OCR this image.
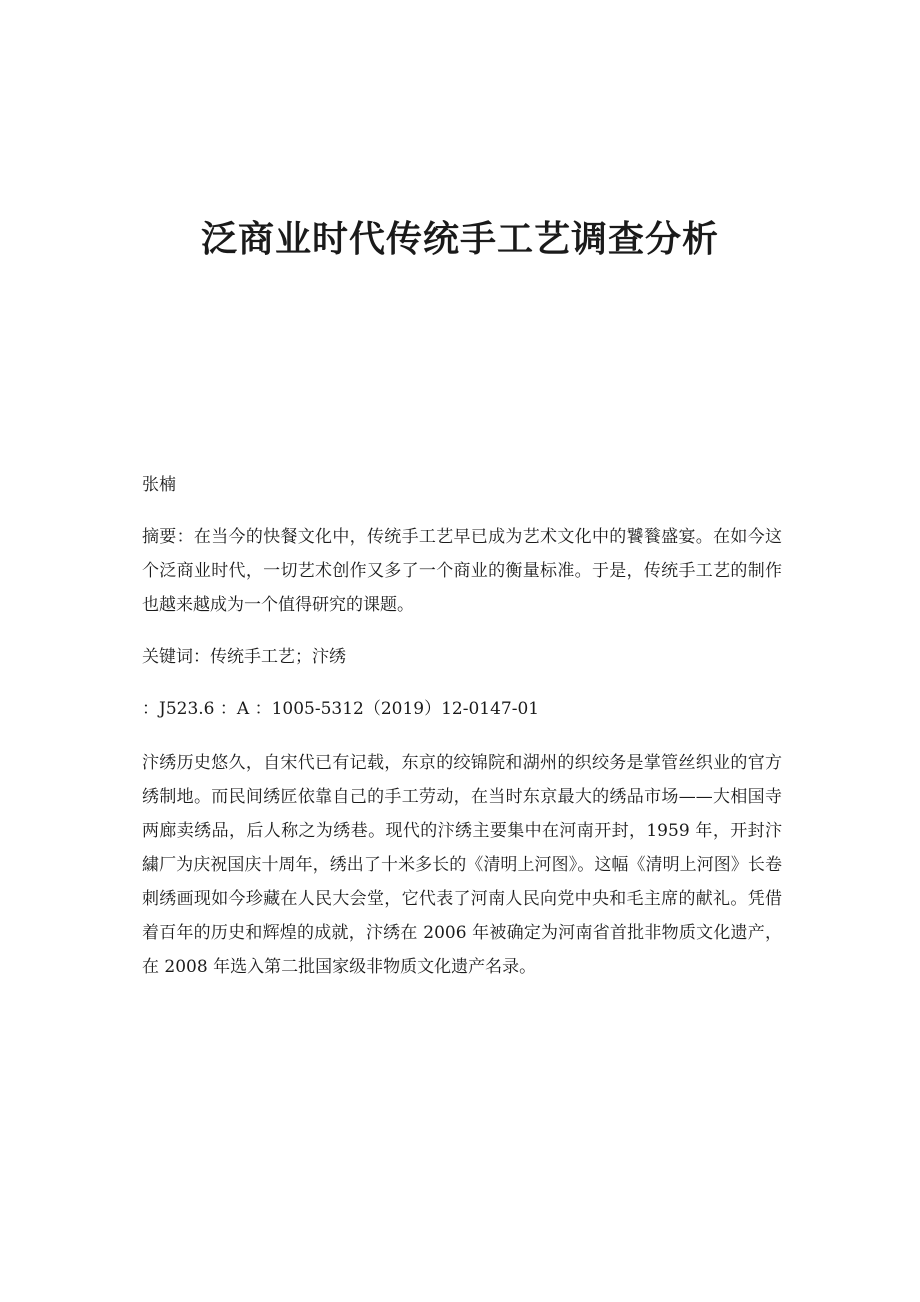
泛商业时代传统手工艺调查分析

张楠

摘要：在当今的快餐文化中，传统手工艺早已成为艺术文化中的饕餮盛宴。在如今这个泛商业时代，一切艺术创作又多了一个商业的衡量标准。于是，传统手工艺的制作也越来越成为一个值得研究的课题。

关键词：传统手工艺；汴绣

：J523.6 ：A ：1005-5312（2019）12-0147-01

汴绣历史悠久，自宋代已有记载，东京的绞锦院和湖州的织绞务是掌管丝织业的官方绣制地。而民间绣匠依靠自己的手工劳动，在当时东京最大的绣品市场——大相国寺两廊卖绣品，后人称之为绣巷。现代的汴绣主要集中在河南开封，1959 年，开封汴繍厂为庆祝国庆十周年，绣出了十米多长的《清明上河图》。这幅《清明上河图》长卷刺绣画现如今珍藏在人民大会堂，它代表了河南人民向党中央和毛主席的献礼。凭借着百年的历史和辉煌的成就，汴绣在 2006 年被确定为河南省首批非物质文化遗产，在 2008 年选入第二批国家级非物质文化遗产名录。
